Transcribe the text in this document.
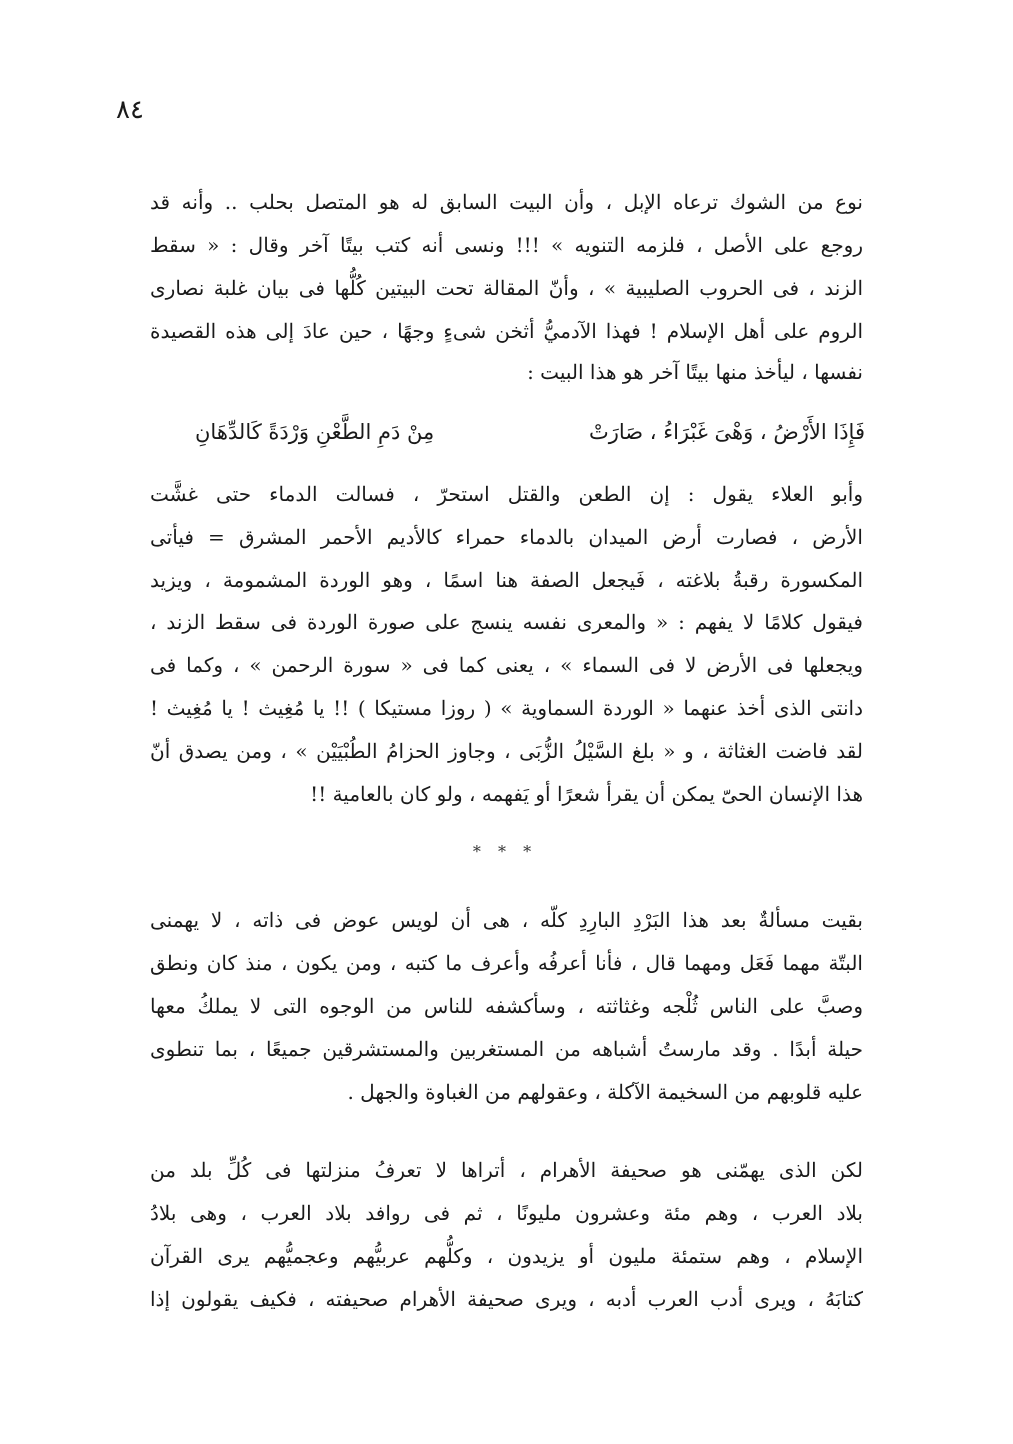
٨٤
نوع من الشوك ترعاه الإبل ، وأن البيت السابق له هو المتصل بحلب .. وأنه قد
روجع على الأصل ، فلزمه التنويه » !!! ونسى أنه كتب بيتًا آخر وقال : « سقط
الزند ، فى الحروب الصليبية » ، وأنّ المقالة تحت البيتين كُلُّها فى بيان غلبة نصارى
الروم على أهل الإسلام ! فهذا الآدميُّ أثخن شىءٍ وجهًا ، حين عادَ إلى هذه القصيدة
نفسها ، ليأخذ منها بيتًا آخر هو هذا البيت :
فَإِذَا الأَرْضُ ، وَهْىَ غَبْرَاءُ ، صَارَتْ
مِنْ دَمِ الطَّعْنِ وَرْدَةً كَالدِّهَانِ
وأبو العلاء يقول : إن الطعن والقتل استحرّ ، فسالت الدماء حتى غشَّت
الأرض ، فصارت أرض الميدان بالدماء حمراء كالأديم الأحمر المشرق = فيأتى
المكسورة رقبةُ بلاغته ، فَيجعل الصفة هنا اسمًا ، وهو الوردة المشمومة ، ويزيد
فيقول كلامًا لا يفهم : « والمعرى نفسه ينسج على صورة الوردة فى سقط الزند ،
ويجعلها فى الأرض لا فى السماء » ، يعنى كما فى « سورة الرحمن » ، وكما فى
دانتى الذى أخذ عنهما « الوردة السماوية » ( روزا مستيكا ) !! يا مُغِيث ! يا مُغِيث !
لقد فاضت الغثاثة ، و « بلغ السَّيْلُ الزُّبَى ، وجاوز الحزامُ الطُبْيَيْن » ، ومن يصدق أنّ
هذا الإنسان الحىّ يمكن أن يقرأ شعرًا أو يَفهمه ، ولو كان بالعامية !!
* * *
بقيت مسألةٌ بعد هذا البَرْدِ البارِدِ كلّه ، هى أن لويس عوض فى ذاته ، لا يهمنى
البتّة مهما فَعَل ومهما قال ، فأنا أعرفُه وأعرف ما كتبه ، ومن يكون ، منذ كان ونطق
وصبَّ على الناس ثُلْجه وغثاثته ، وسأكشفه للناس من الوجوه التى لا يملكُ معها
حيلة أبدًا . وقد مارستُ أشباهه من المستغربين والمستشرقين جميعًا ، بما تنطوى
عليه قلوبهم من السخيمة الآكلة ، وعقولهم من الغباوة والجهل .
لكن الذى يهمّنى هو صحيفة الأهرام ، أتراها لا تعرفُ منزلتها فى كُلِّ بلد من
بلاد العرب ، وهم مئة وعشرون مليونًا ، ثم فى روافد بلاد العرب ، وهى بلادُ
الإسلام ، وهم ستمئة مليون أو يزيدون ، وكلُّهم عربيُّهم وعجميُّهم يرى القرآن
كتابَهُ ، ويرى أدب العرب أدبه ، ويرى صحيفة الأهرام صحيفته ، فكيف يقولون إذا
